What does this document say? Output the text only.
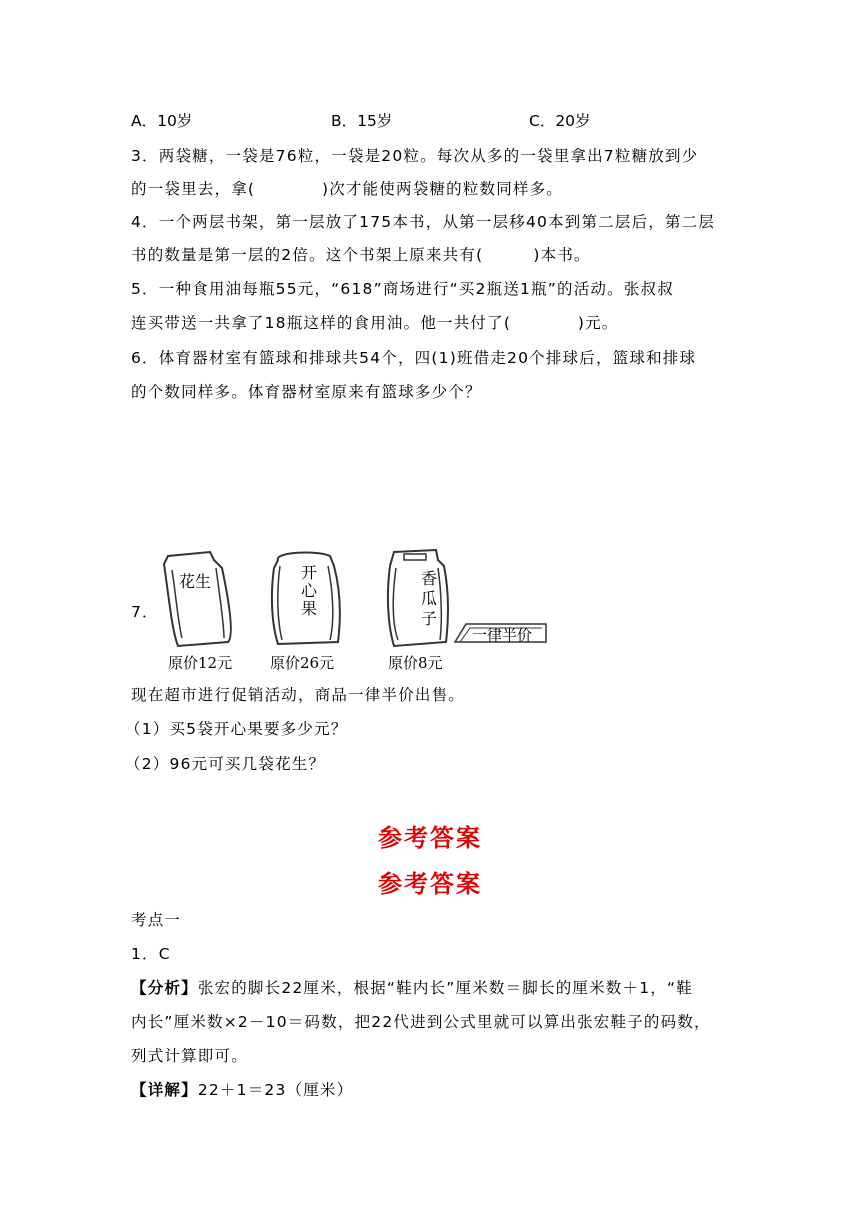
A．10岁	B．15岁	C．20岁
3．两袋糖，一袋是76粒，一袋是20粒。每次从多的一袋里拿出7粒糖放到少
的一袋里去，拿(　　　　)次才能使两袋糖的粒数同样多。
4．一个两层书架，第一层放了175本书，从第一层移40本到第二层后，第二层
书的数量是第一层的2倍。这个书架上原来共有(　　　)本书。
5．一种食用油每瓶55元，“618”商场进行“买2瓶送1瓶”的活动。张叔叔
连买带送一共拿了18瓶这样的食用油。他一共付了(　　　　)元。
6．体育器材室有篮球和排球共54个，四(1)班借走20个排球后，篮球和排球
的个数同样多。体育器材室原来有篮球多少个？
7．
花生
原价12元
开 心 果
原价26元
香 瓜 子
原价8元
一律半价
现在超市进行促销活动，商品一律半价出售。
（1）买5袋开心果要多少元？
（2）96元可买几袋花生？
参考答案
参考答案
考点一
1．C
【分析】张宏的脚长22厘米，根据“鞋内长”厘米数＝脚长的厘米数＋1，“鞋
内长”厘米数×2－10＝码数，把22代进到公式里就可以算出张宏鞋子的码数，
列式计算即可。
【详解】22＋1＝23（厘米）
